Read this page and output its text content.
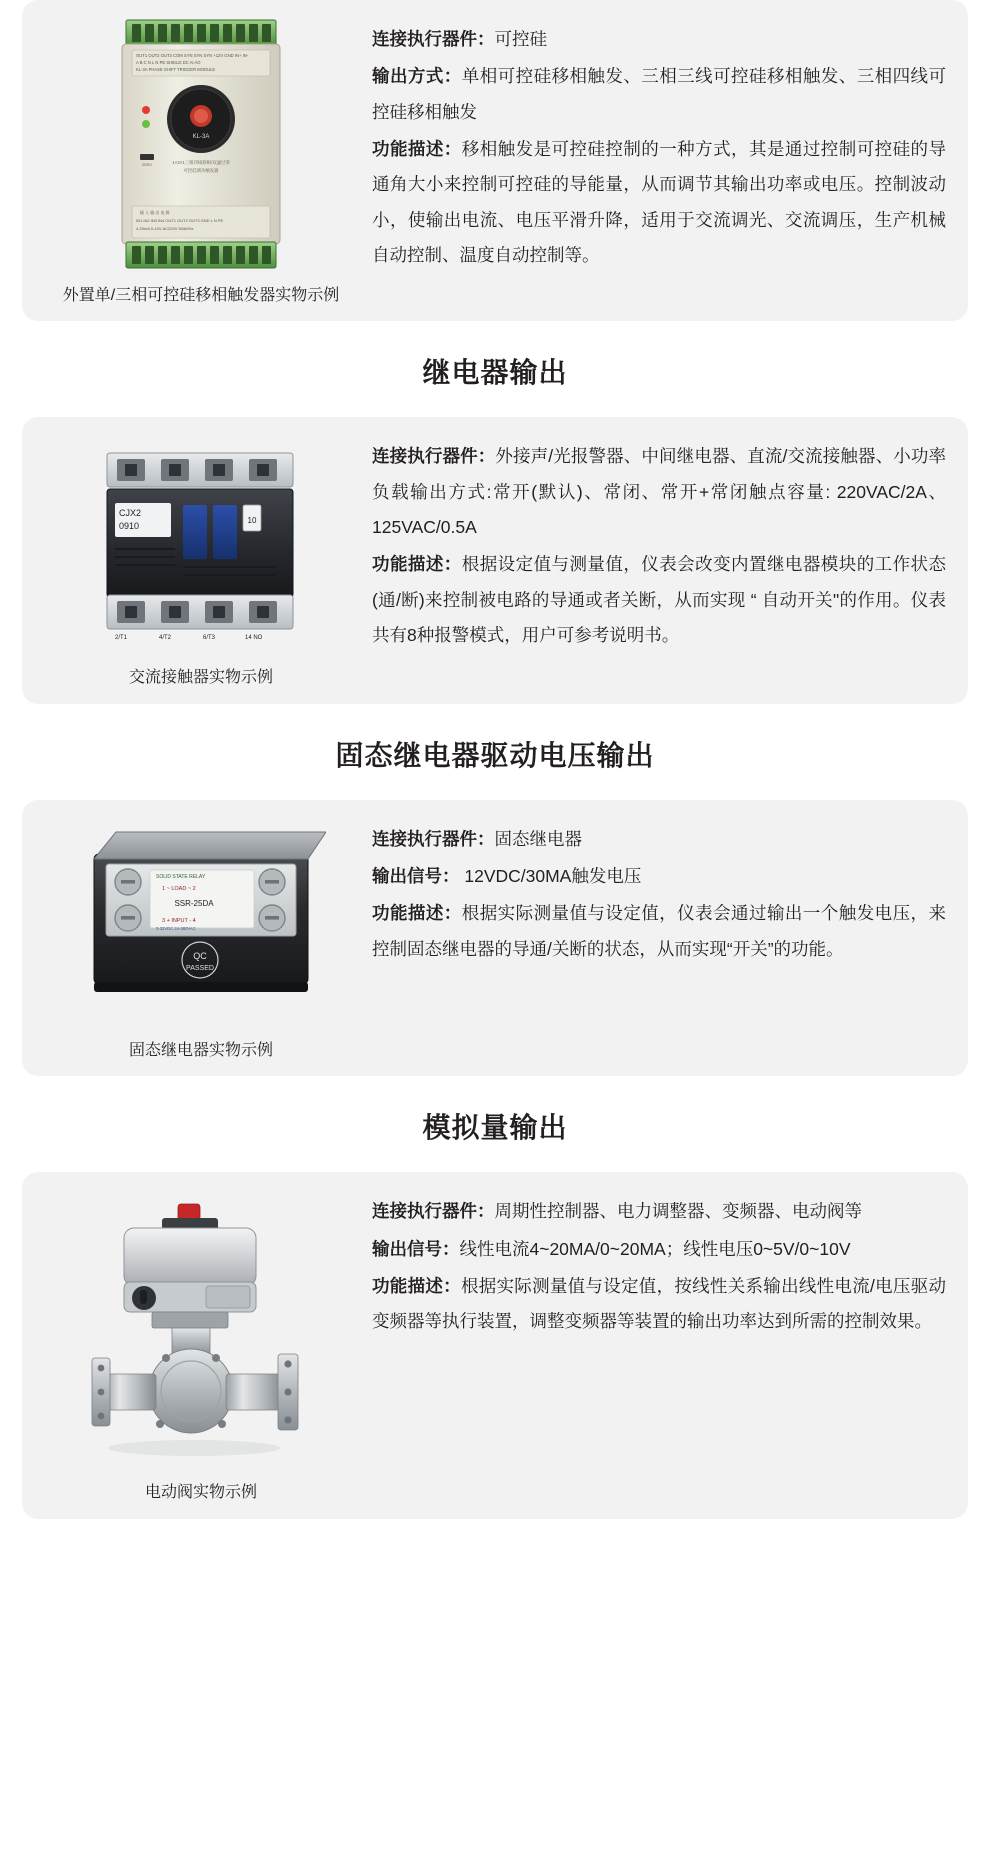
OUT1 OUT2 OUT3 COM SYN SYN SYN +12V GND IN+ IN-
A B C N L N PE SHIELD DC AI AO
KL-3A PHASE SHIFT TRIGGER MODULE
KL-3A
1×3×1三相四线移相/双滤过零
可控硅调功触发器
ZERO
输 入 输 出 电 源
IN1 IN2 IN3 IN4 OUT1 OUT2 OUT3 GND L N PE
4-20mA 0-10V AC220V 50/60Hz
外置单/三相可控硅移相触发器实物示例

连接执行器件：可控硅

输出方式：单相可控硅移相触发、三相三线可控硅移相触发、三相四线可控硅移相触发

功能描述：移相触发是可控硅控制的一种方式，其是通过控制可控硅的导通角大小来控制可控硅的导能量，从而调节其输出功率或电压。控制波动小，使输出电流、电压平滑升降，适用于交流调光、交流调压，生产机械自动控制、温度自动控制等。

继电器输出
CJX2
0910
10
2/T1	4/T2	6/T3	14 NO
交流接触器实物示例

连接执行器件：外接声/光报警器、中间继电器、直流/交流接触器、小功率负载输出方式:常开(默认)、常闭、常开+常闭触点容量: 220VAC/2A、125VAC/0.5A

功能描述：根据设定值与测量值，仪表会改变内置继电器模块的工作状态(通/断)来控制被电路的导通或者关断，从而实现 “ 自动开关"的作用。仪表共有8种报警模式，用户可参考说明书。

固态继电器驱动电压输出
SOLID STATE RELAY
1 ~ LOAD ~ 2
SSR-25DA
3 + INPUT - 4
3-32VDC 24-380VAC
QC
PASSED
固态继电器实物示例

连接执行器件：固态继电器

输出信号： 12VDC/30MA触发电压

功能描述：根据实际测量值与设定值，仪表会通过输出一个触发电压，来控制固态继电器的导通/关断的状态，从而实现“开关”的功能。

模拟量输出
电动阀实物示例

连接执行器件：周期性控制器、电力调整器、变频器、电动阀等

输出信号：线性电流4~20MA/0~20MA；线性电压0~5V/0~10V

功能描述：根据实际测量值与设定值，按线性关系输出线性电流/电压驱动变频器等执行装置，调整变频器等装置的输出功率达到所需的控制效果。
